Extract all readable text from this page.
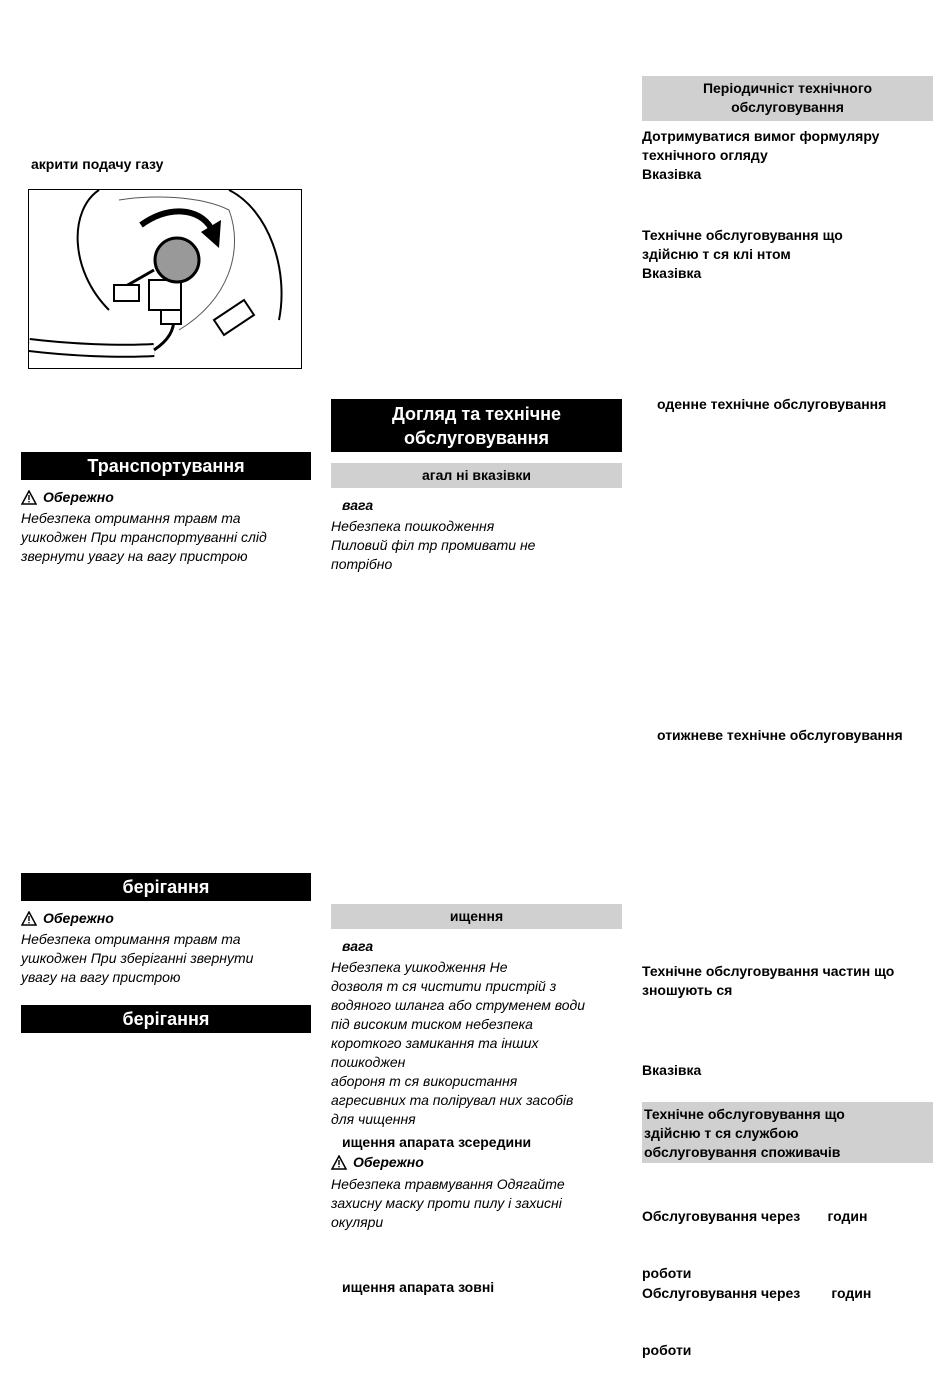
акрити подачу газу
Транспортування
Обережно
Небезпека отримання травм та
ушкоджен При транспортуванні слід
звернути увагу на вагу пристрою
берігання
Обережно
Небезпека отримання травм та
ушкоджен При зберіганні звернути
увагу на вагу пристрою
берігання
Догляд та технічне
обслуговування
агал ні вказівки
вага
Небезпека пошкодження
Пиловий філ тр промивати не
потрібно
ищення
вага
Небезпека ушкодження Не
дозволя т ся чистити пристрій з
водяного шланга або струменем води
під високим тиском небезпека
короткого замикання та інших
пошкоджен
абороня т ся використання
агресивних та полірувал них засобів
для чищення
ищення апарата зсередини
Обережно
Небезпека травмування Одягайте
захисну маску проти пилу і захисні
окуляри
ищення апарата зовні
Періодичніст технічного
обслуговування
Дотримуватися вимог формуляру
технічного огляду
Вказівка
Технічне обслуговування що
здійсню т ся клі нтом
Вказівка
оденне технічне обслуговування
отижневе технічне обслуговування
Технічне обслуговування частин що
зношують ся
Вказівка
Технічне обслуговування що
здійсню т ся службою
обслуговування споживачів

Обслуговування через       годин

роботи

Обслуговування через        годин

роботи
